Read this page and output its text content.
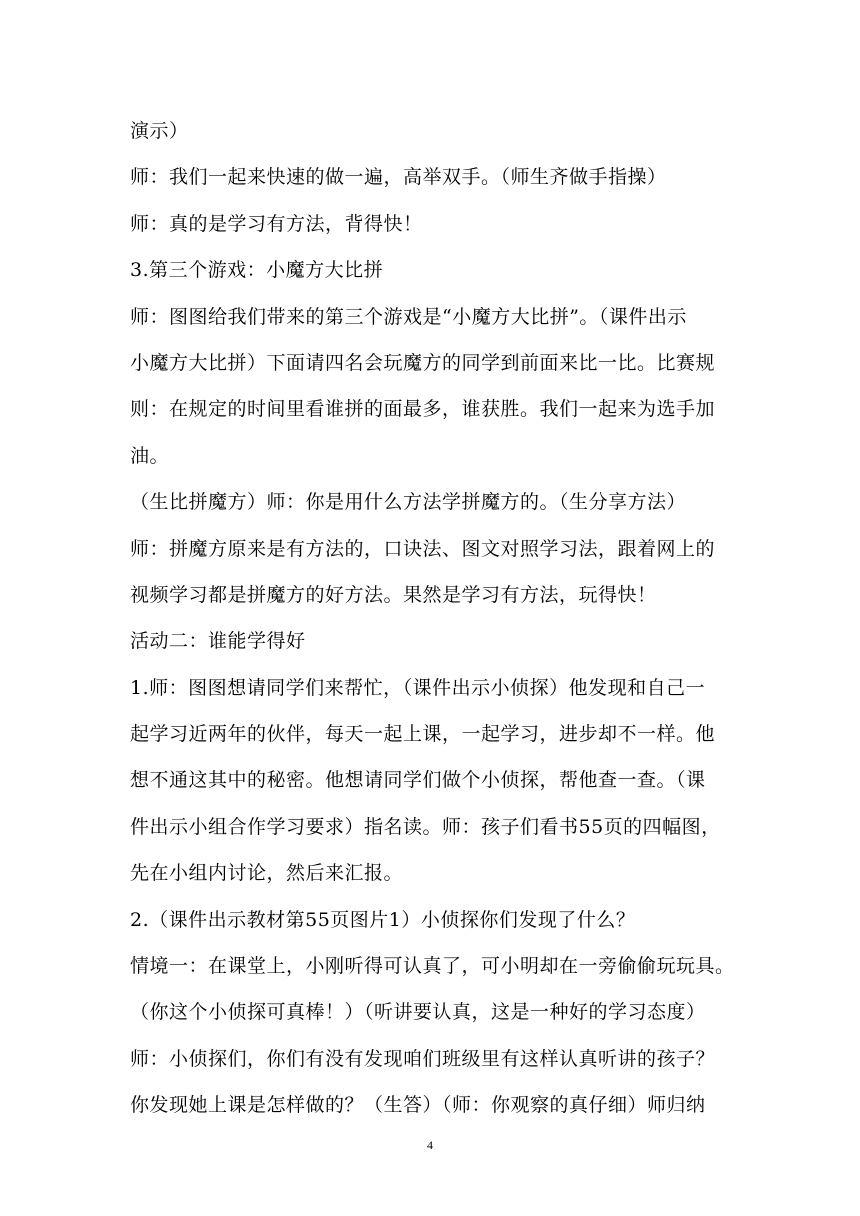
演示）
师：我们一起来快速的做一遍，高举双手。（师生齐做手指操）
师：真的是学习有方法，背得快！
3.第三个游戏：小魔方大比拼
师：图图给我们带来的第三个游戏是“小魔方大比拼”。（课件出示
小魔方大比拼）下面请四名会玩魔方的同学到前面来比一比。比赛规
则：在规定的时间里看谁拼的面最多，谁获胜。我们一起来为选手加
油。
（生比拼魔方）师：你是用什么方法学拼魔方的。（生分享方法）
师：拼魔方原来是有方法的，口诀法、图文对照学习法，跟着网上的
视频学习都是拼魔方的好方法。果然是学习有方法，玩得快！
活动二：谁能学得好
1.师：图图想请同学们来帮忙，（课件出示小侦探）他发现和自己一
起学习近两年的伙伴，每天一起上课，一起学习，进步却不一样。他
想不通这其中的秘密。他想请同学们做个小侦探，帮他查一查。（课
件出示小组合作学习要求）指名读。师：孩子们看书55页的四幅图，
先在小组内讨论，然后来汇报。
2.（课件出示教材第55页图片1）小侦探你们发现了什么？
情境一：在课堂上，小刚听得可认真了，可小明却在一旁偷偷玩玩具。
（你这个小侦探可真棒！）（听讲要认真，这是一种好的学习态度）
师：小侦探们，你们有没有发现咱们班级里有这样认真听讲的孩子？
你发现她上课是怎样做的？（生答）（师：你观察的真仔细）师归纳
4
